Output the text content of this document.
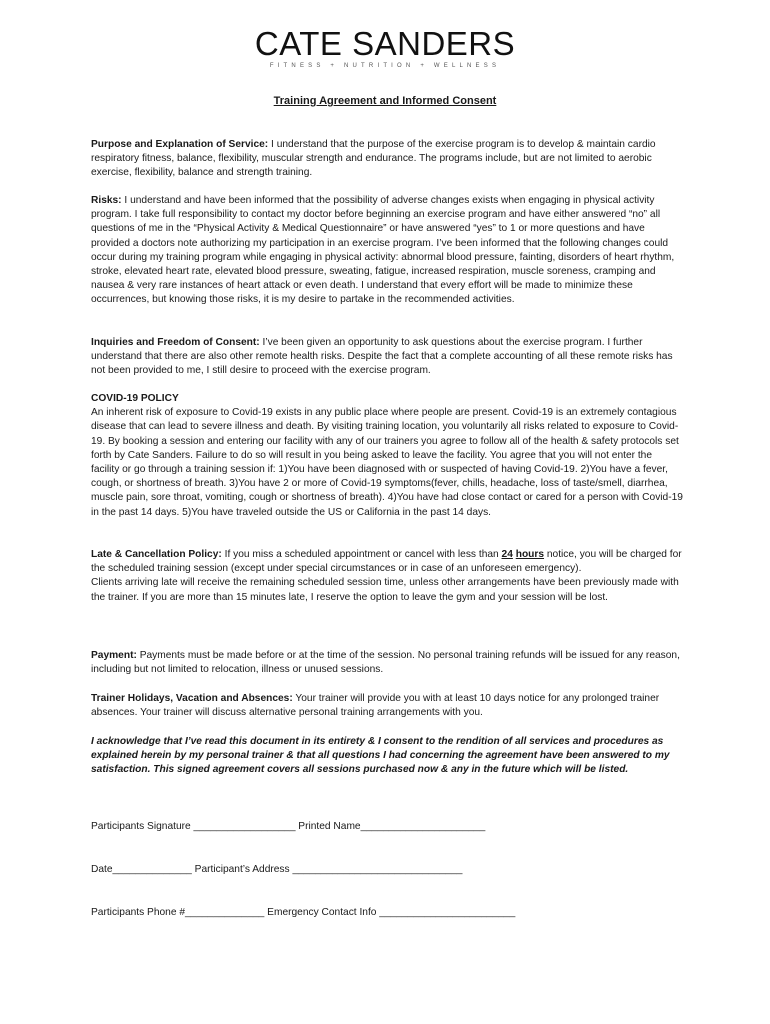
CATE SANDERS
FITNESS + NUTRITION + WELLNESS
Training Agreement and Informed Consent

Purpose and Explanation of Service: I understand that the purpose of the exercise program is to develop & maintain cardio respiratory fitness, balance, flexibility, muscular strength and endurance. The programs include, but are not limited to aerobic exercise, flexibility, balance and strength training.

Risks: I understand and have been informed that the possibility of adverse changes exists when engaging in physical activity program. I take full responsibility to contact my doctor before beginning an exercise program and have either answered “no” all questions of me in the “Physical Activity & Medical Questionnaire” or have answered “yes” to 1 or more questions and have provided a doctors note authorizing my participation in an exercise program. I’ve been informed that the following changes could occur during my training program while engaging in physical activity: abnormal blood pressure, fainting, disorders of heart rhythm, stroke, elevated heart rate, elevated blood pressure, sweating, fatigue, increased respiration, muscle soreness, cramping and nausea & very rare instances of heart attack or even death. I understand that every effort will be made to minimize these occurrences, but knowing those risks, it is my desire to partake in the recommended activities.

Inquiries and Freedom of Consent: I’ve been given an opportunity to ask questions about the exercise program. I further understand that there are also other remote health risks. Despite the fact that a complete accounting of all these remote risks has not been provided to me, I still desire to proceed with the exercise program.

COVID-19 POLICY

An inherent risk of exposure to Covid-19 exists in any public place where people are present. Covid-19 is an extremely contagious disease that can lead to severe illness and death. By visiting training location, you voluntarily all risks related to exposure to Covid-19. By booking a session and entering our facility with any of our trainers you agree to follow all of the health & safety protocols set forth by Cate Sanders. Failure to do so will result in you being asked to leave the facility. You agree that you will not enter the facility or go through a training session if: 1)You have been diagnosed with or suspected of having Covid-19. 2)You have a fever, cough, or shortness of breath. 3)You have 2 or more of Covid-19 symptoms(fever, chills, headache, loss of taste/smell, diarrhea, muscle pain, sore throat, vomiting, cough or shortness of breath). 4)You have had close contact or cared for a person with Covid-19 in the past 14 days. 5)You have traveled outside the US or California in the past 14 days.

Late & Cancellation Policy: If you miss a scheduled appointment or cancel with less than 24 hours notice, you will be charged for the scheduled training session (except under special circumstances or in case of an unforeseen emergency).

Clients arriving late will receive the remaining scheduled session time, unless other arrangements have been previously made with the trainer. If you are more than 15 minutes late, I reserve the option to leave the gym and your session will be lost.

Payment: Payments must be made before or at the time of the session. No personal training refunds will be issued for any reason, including but not limited to relocation, illness or unused sessions.

Trainer Holidays, Vacation and Absences: Your trainer will provide you with at least 10 days notice for any prolonged trainer absences. Your trainer will discuss alternative personal training arrangements with you.

I acknowledge that I’ve read this document in its entirety & I consent to the rendition of all services and procedures as explained herein by my personal trainer & that all questions I had concerning the agreement have been answered to my satisfaction. This signed agreement covers all sessions purchased now & any in the future which will be listed.
Participants Signature __________________ Printed Name______________________
Date______________ Participant’s Address ______________________________
Participants Phone #______________ Emergency Contact Info ________________________
